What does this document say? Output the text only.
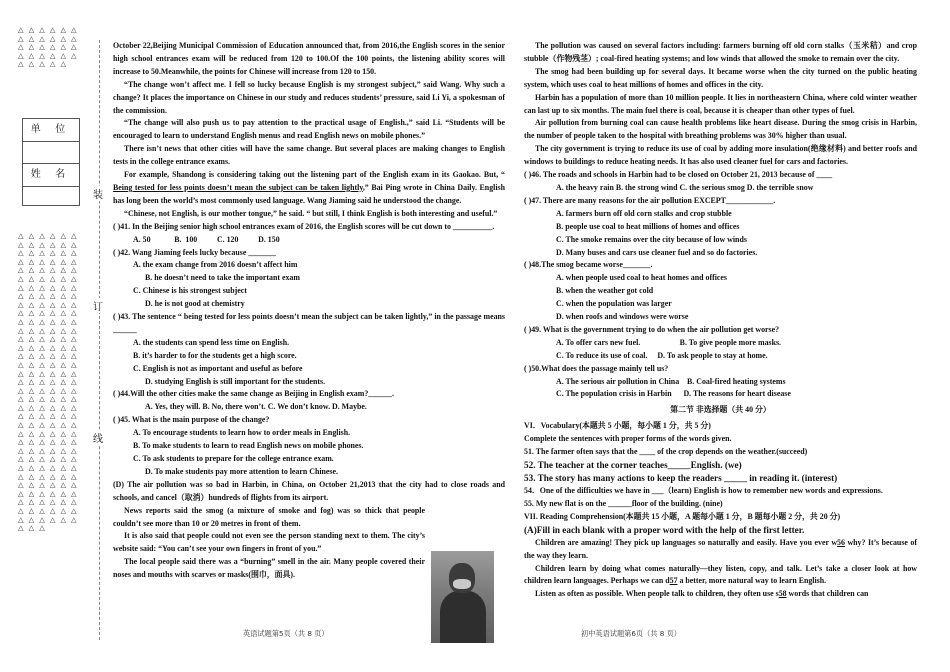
△ △ △ △ △ △
△ △ △ △ △ △
△ △ △ △ △ △
△ △ △ △ △ △
△ △ △ △ △
单 位
姓 名
△ △ △ △ △ △
△ △ △ △ △ △
△ △ △ △ △ △
△ △ △ △ △ △
△ △ △ △ △ △
△ △ △ △ △ △
△ △ △ △ △ △
△ △ △ △ △ △
△ △ △ △ △ △
△ △ △ △ △ △
△ △ △ △ △ △
△ △ △ △ △ △
△ △ △ △ △ △
△ △ △ △ △ △
△ △ △ △ △ △
△ △ △ △ △ △
△ △ △ △ △ △
△ △ △ △ △ △
△ △ △ △ △ △
△ △ △ △ △ △
△ △ △ △ △ △
△ △ △ △ △ △
△ △ △ △ △ △
△ △ △ △ △ △
△ △ △ △ △ △
△ △ △ △ △ △
△ △ △ △ △ △
△ △ △ △ △ △
△ △ △ △ △ △
△ △ △ △ △ △
△ △ △ △ △ △
△ △ △ △ △ △
△ △ △ △ △ △
△ △ △ △ △ △
△ △ △
装
订
线

October 22,Beijing Municipal Commission of Education announced that, from 2016,the English scores in the senior high school entrances exam will be reduced from 120 to 100.Of the 100 points, the listening ability scores will increase to 50.Meanwhile, the points for Chinese will increase from 120 to 150.

“The change won’t affect me. I fell so lucky because English is my strongest subject,” said Wang. Why such a change? It places the importance on Chinese in our study and reduces students’ pressure, said Li Yi, a spokesman of the commission.

“The change will also push us to pay attention to the practical usage of English.,” said Li. “Students will be encouraged to learn to understand English menus and read English news on mobile phones.”

There isn’t news that other cities will have the same change. But several places are making changes to English tests in the college entrance exams.

For example, Shandong is considering taking out the listening part of the English exam in its Gaokao. But, “ Being tested for less points doesn’t mean the subject can be taken lightly,” Bai Ping wrote in China Daily. English has long been the world’s most commonly used language. Wang Jiaming said he understood the change.

“Chinese, not English, is our mother tongue,” he said. “ but still, I think English is both interesting and useful.”

( )41. In the Beijing senior high school entrances exam of 2016, the English scores will be cut down to __________.

A. 50            B.  100          C. 120          D. 150

( )42. Wang Jiaming feels lucky because _______

A. the exam change from 2016 doesn’t affect him

B. he doesn’t need to take the important exam

C. Chinese is his strongest subject

D. he is not good at chemistry

( )43. The sentence “ being tested for less points doesn’t mean the subject can be taken lightly,” in the passage means ______

A. the students can spend less time on English.

B. it’s harder to for the students get a high score.

C. English is not as important and useful as before

D. studying English is still important for the students.

( )44.Will the other cities make the same change as Beijing in English exam?______.

A. Yes, they will. B. No, there won’t. C. We don’t know. D. Maybe.

( )45. What is the main purpose of the change?

A. To encourage students to learn how to order meals in English.

B. To make students to learn to read English news on mobile phones.

C. To ask students to prepare for the college entrance exam.

D. To make students pay more attention to learn Chinese.

(D) The air pollution was so bad in Harbin, in China, on October 21,2013 that the city had to close roads and schools, and cancel（取消）hundreds of flights from its airport.

News reports said the smog (a mixture of smoke and fog) was so thick that people couldn’t see more than 10 or 20 metres in front of them.

It is also said that people could not even see the person standing next to them. The city’s website said: “You can’t see your own fingers in front of you.”

The local people said there was a “burning” smell in the air. Many people covered their noses and mouths with scarves or masks(围巾，面具).

英语试题第5页（共 8 页）

The pollution was caused on several factors including: farmers burning off old corn stalks（玉米秸）and crop stubble（作物残茎）; coal-fired heating systems; and low winds that allowed the smoke to remain over the city.

The smog had been building up for several days. It became worse when the city turned on the public heating system, which uses coal to heat millions of homes and offices in the city.

Harbin has a population of more than 10 million people. It lies in northeastern China, where cold winter weather can last up to six months. The main fuel there is coal, because it is cheaper than other types of fuel.

Air pollution from burning coal can cause health problems like heart disease. During the smog crisis in Harbin, the number of people taken to the hospital with breathing problems was 30% higher than usual.

The city government is trying to reduce its use of coal by adding more insulation(绝缘材料) and better roofs and windows to buildings to reduce heating needs. It has also used cleaner fuel for cars and factories.

( )46. The roads and schools in Harbin had to be closed on October 21, 2013 because of ____

A. the heavy rain B. the strong wind C. the serious smog D. the terrible snow

( )47. There are many reasons for the air pollution EXCEPT____________.

A. farmers burn off old corn stalks and crop stubble

B. people use coal to heat millions of homes and offices

C. The smoke remains over the city because of low winds

D. Many buses and cars use cleaner fuel and so do factories.

( )48.The smog became worse_______.

A. when people used coal to heat homes and offices

B. when the weather got cold

C. when the population was larger

D. when roofs and windows were worse

( )49. What is the government trying to do when the air pollution get worse?

A. To offer cars new fuel.                    B. To give people more masks.

C. To reduce its use of coal.     D. To ask people to stay at home.

( )50.What does the passage mainly tell us?

A. The serious air pollution in China    B. Coal-fired heating systems

C. The population crisis in Harbin      D. The reasons for heart disease

第二节 非选择题（共 40 分）

VI．Vocabulary(本题共 5 小题，每小题 1 分，共 5 分)

Complete the sentences with proper forms of the words given.

51. The farmer often says that the ____ of the crop depends on the weather.(succeed)

52. The teacher at the corner teaches_____English. (we)

53. The story has many actions to keep the readers _____ in reading it. (interest)

54．One of the difficulties we have in ___（learn) English is how to remember new words and expressions.

55. My new flat is on the ______floor of the building. (nine)

VII. Reading Comprehension(本题共 15 小题，A 题每小题 1 分，B 题每小题 2 分，共 20 分)

(A)Fill in each blank with a proper word with the help of the first letter.

Children are amazing! They pick up languages so naturally and easily. Have you ever w56 why? It’s because of the way they learn.

Children learn by doing what comes naturally—they listen, copy, and talk. Let’s take a closer look at how children learn languages. Perhaps we can d57 a better, more natural way to learn English.

Listen as often as possible. When people talk to children, they often use s58 words that children can

初中英语试题第6页（共 8 页）
